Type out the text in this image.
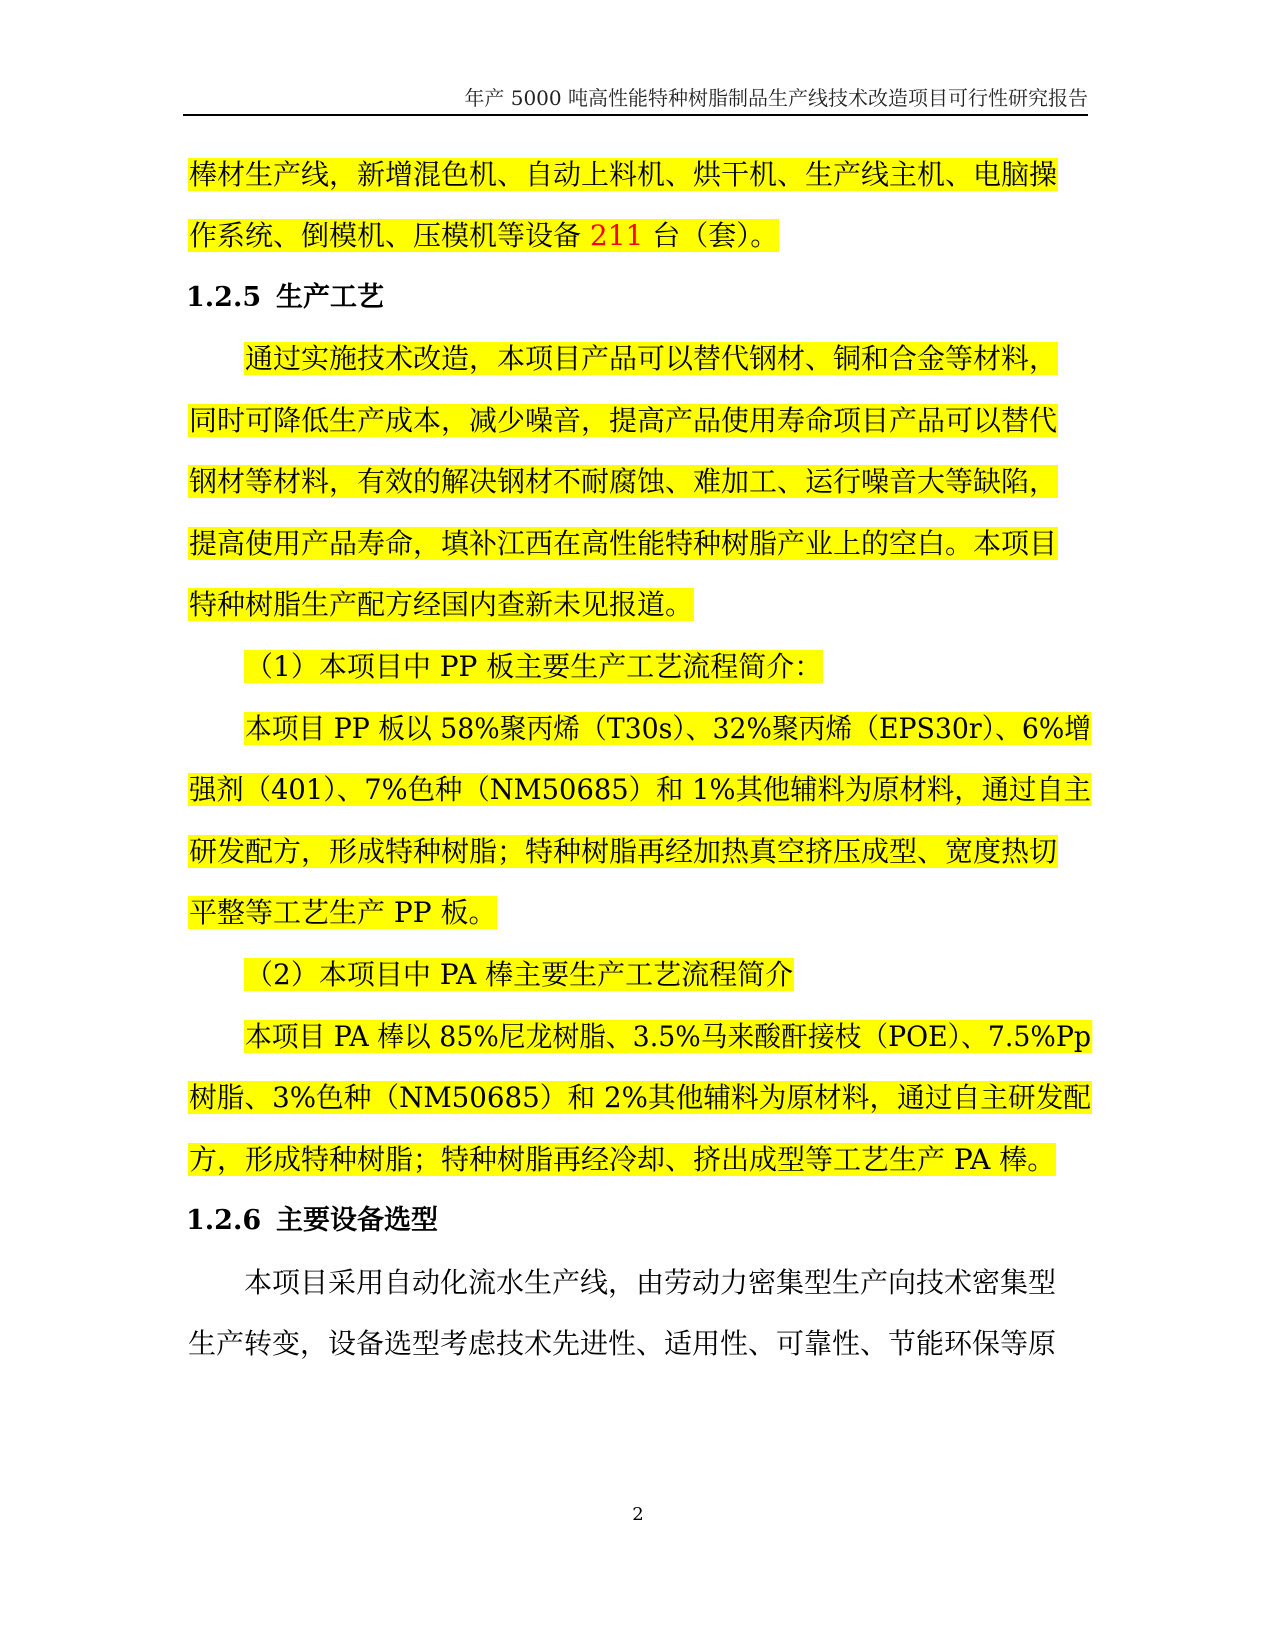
年产 5000 吨高性能特种树脂制品生产线技术改造项目可行性研究报告
棒材生产线，新增混色机、自动上料机、烘干机、生产线主机、电脑操
作系统、倒模机、压模机等设备 211 台（套）。
1.2.5 生产工艺
通过实施技术改造，本项目产品可以替代钢材、铜和合金等材料，
同时可降低生产成本，减少噪音，提高产品使用寿命项目产品可以替代
钢材等材料，有效的解决钢材不耐腐蚀、难加工、运行噪音大等缺陷，
提高使用产品寿命，填补江西在高性能特种树脂产业上的空白。本项目
特种树脂生产配方经国内查新未见报道。
（1）本项目中 PP 板主要生产工艺流程简介：
本项目 PP 板以 58%聚丙烯（T30s）、32%聚丙烯（EPS30r）、6%增
强剂（401）、7%色种（NM50685）和 1%其他辅料为原材料，通过自主
研发配方，形成特种树脂；特种树脂再经加热真空挤压成型、宽度热切
平整等工艺生产 PP 板。
（2）本项目中 PA 棒主要生产工艺流程简介
本项目 PA 棒以 85%尼龙树脂、3.5%马来酸酐接枝（POE）、7.5%Pp
树脂、3%色种（NM50685）和 2%其他辅料为原材料，通过自主研发配
方，形成特种树脂；特种树脂再经冷却、挤出成型等工艺生产 PA 棒。
1.2.6 主要设备选型
本项目采用自动化流水生产线，由劳动力密集型生产向技术密集型
生产转变，设备选型考虑技术先进性、适用性、可靠性、节能环保等原
2
